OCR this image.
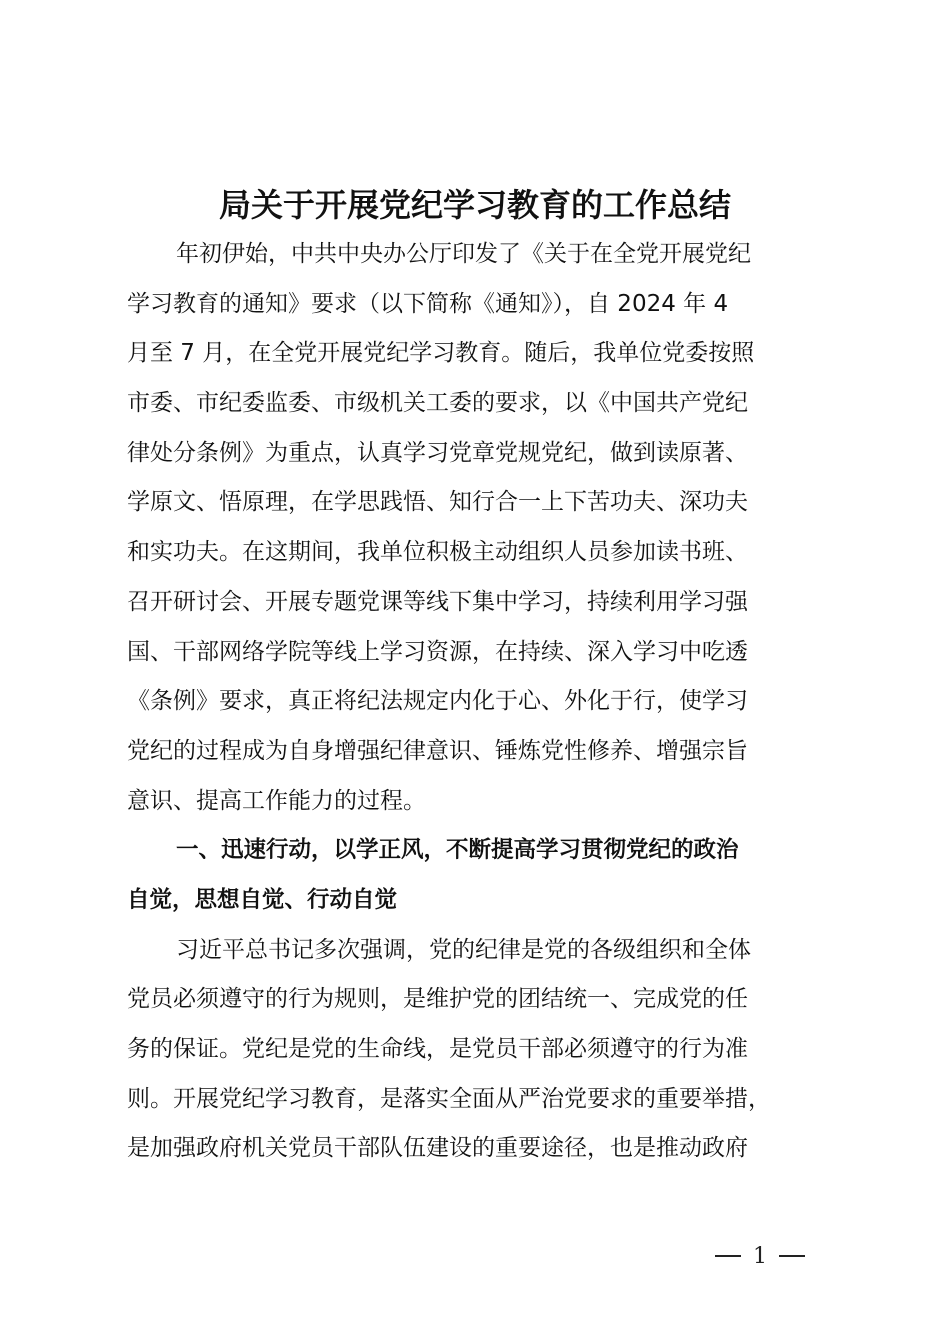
局关于开展党纪学习教育的工作总结
年初伊始，中共中央办公厅印发了《关于在全党开展党纪
学习教育的通知》要求（以下简称《通知》），自 2024 年 4
月至 7 月，在全党开展党纪学习教育。随后，我单位党委按照
市委、市纪委监委、市级机关工委的要求，以《中国共产党纪
律处分条例》为重点，认真学习党章党规党纪，做到读原著、
学原文、悟原理，在学思践悟、知行合一上下苦功夫、深功夫
和实功夫。在这期间，我单位积极主动组织人员参加读书班、
召开研讨会、开展专题党课等线下集中学习，持续利用学习强
国、干部网络学院等线上学习资源，在持续、深入学习中吃透
《条例》要求，真正将纪法规定内化于心、外化于行，使学习
党纪的过程成为自身增强纪律意识、锤炼党性修养、增强宗旨
意识、提高工作能力的过程。
一、迅速行动，以学正风，不断提高学习贯彻党纪的政治
自觉，思想自觉、行动自觉
习近平总书记多次强调，党的纪律是党的各级组织和全体
党员必须遵守的行为规则，是维护党的团结统一、完成党的任
务的保证。党纪是党的生命线，是党员干部必须遵守的行为准
则。开展党纪学习教育，是落实全面从严治党要求的重要举措，
是加强政府机关党员干部队伍建设的重要途径，也是推动政府
1
